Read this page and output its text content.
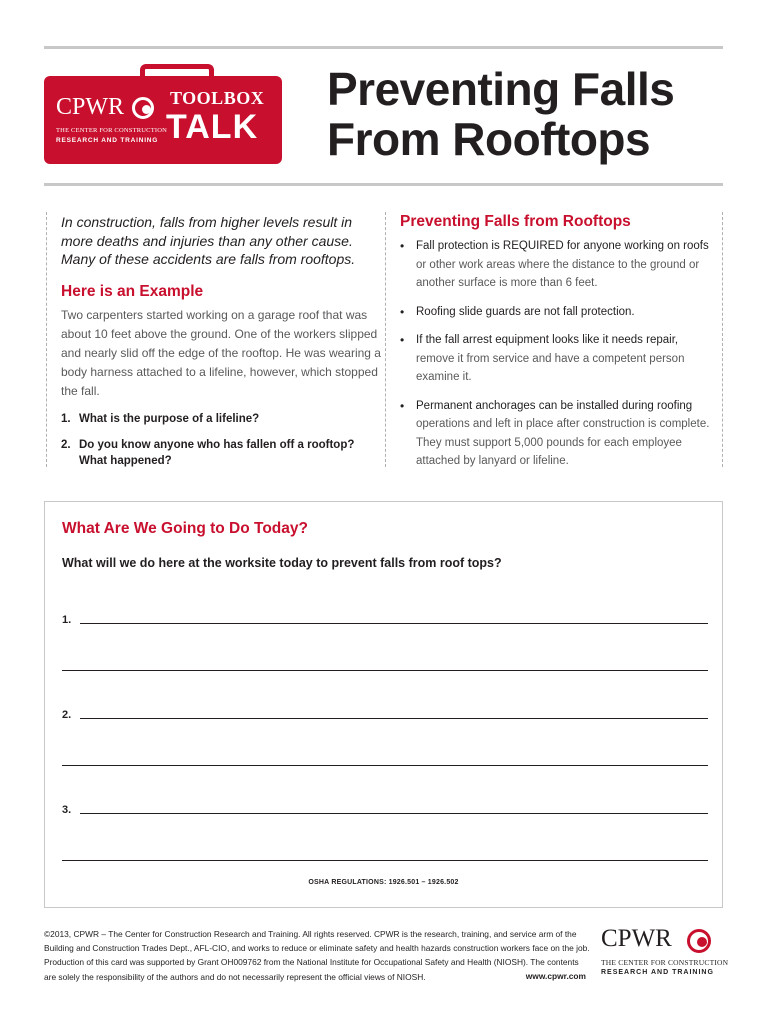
CPWR
THE CENTER FOR CONSTRUCTION
RESEARCH AND TRAINING
TOOLBOX
TALK
Preventing Falls
From Rooftops

In construction, falls from higher levels result in more deaths and injuries than any other cause. Many of these accidents are falls from rooftops.

Here is an Example

Two carpenters started working on a garage roof that was about 10 feet above the ground. One of the workers slipped and nearly slid off the edge of the rooftop. He was wearing a body harness attached to a lifeline, however, which stopped the fall.

1. What is the purpose of a lifeline?
2. Do you know anyone who has fallen off a rooftop? What happened?
Preventing Falls from Rooftops
•	Fall protection is REQUIRED for anyone working on roofs or other work areas where the distance to the ground or another surface is more than 6 feet.
•	Roofing slide guards are not fall protection.
•	If the fall arrest equipment looks like it needs repair, remove it from service and have a competent person examine it.
•	Permanent anchorages can be installed during roofing operations and left in place after construction is complete. They must support 5,000 pounds for each employee attached by lanyard or lifeline.
What Are We Going to Do Today?

What will we do here at the worksite today to prevent falls from roof tops?

1.
2.
3.
OSHA REGULATIONS: 1926.501 – 1926.502

©2013, CPWR – The Center for Construction Research and Training. All rights reserved. CPWR is the research, training, and service arm of the Building and Construction Trades Dept., AFL-CIO, and works to reduce or eliminate safety and health hazards construction workers face on the job. Production of this card was supported by Grant OH009762 from the National Institute for Occupational Safety and Health (NIOSH). The contents are solely the responsibility of the authors and do not necessarily represent the official views of NIOSH.	www.cpwr.com
CPWR
THE CENTER FOR CONSTRUCTION
RESEARCH AND TRAINING
